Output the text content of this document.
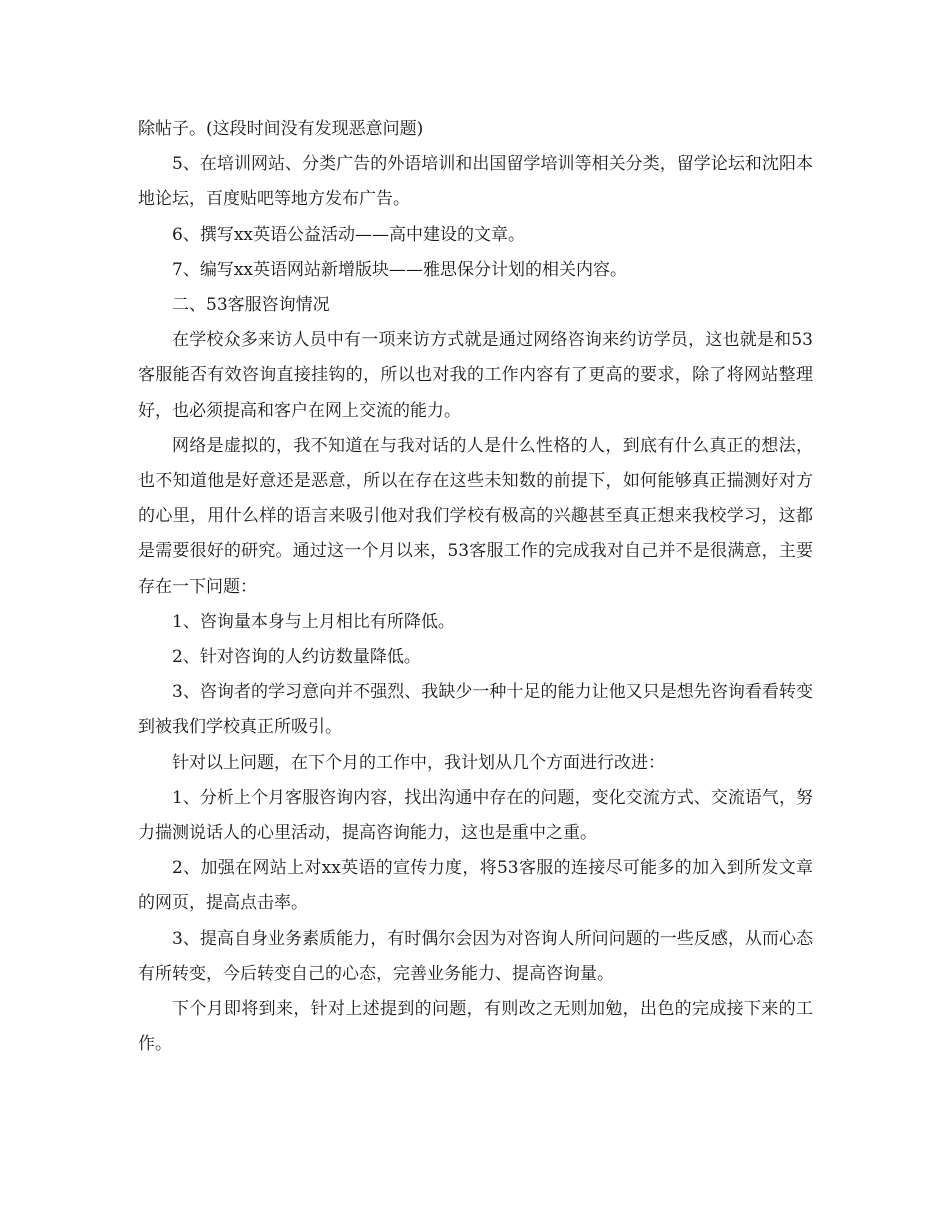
除帖子。(这段时间没有发现恶意问题)

5、在培训网站、分类广告的外语培训和出国留学培训等相关分类，留学论坛和沈阳本地论坛，百度贴吧等地方发布广告。

6、撰写xx英语公益活动——高中建设的文章。

7、编写xx英语网站新增版块——雅思保分计划的相关内容。

二、53客服咨询情况

在学校众多来访人员中有一项来访方式就是通过网络咨询来约访学员，这也就是和53客服能否有效咨询直接挂钩的，所以也对我的工作内容有了更高的要求，除了将网站整理好，也必须提高和客户在网上交流的能力。

网络是虚拟的，我不知道在与我对话的人是什么性格的人，到底有什么真正的想法，也不知道他是好意还是恶意，所以在存在这些未知数的前提下，如何能够真正揣测好对方的心里，用什么样的语言来吸引他对我们学校有极高的兴趣甚至真正想来我校学习，这都是需要很好的研究。通过这一个月以来，53客服工作的完成我对自己并不是很满意，主要存在一下问题：

1、咨询量本身与上月相比有所降低。

2、针对咨询的人约访数量降低。

3、咨询者的学习意向并不强烈、我缺少一种十足的能力让他又只是想先咨询看看转变到被我们学校真正所吸引。

针对以上问题，在下个月的工作中，我计划从几个方面进行改进：

1、分析上个月客服咨询内容，找出沟通中存在的问题，变化交流方式、交流语气，努力揣测说话人的心里活动，提高咨询能力，这也是重中之重。

2、加强在网站上对xx英语的宣传力度，将53客服的连接尽可能多的加入到所发文章的网页，提高点击率。

3、提高自身业务素质能力，有时偶尔会因为对咨询人所问问题的一些反感，从而心态有所转变，今后转变自己的心态，完善业务能力、提高咨询量。

下个月即将到来，针对上述提到的问题，有则改之无则加勉，出色的完成接下来的工作。
